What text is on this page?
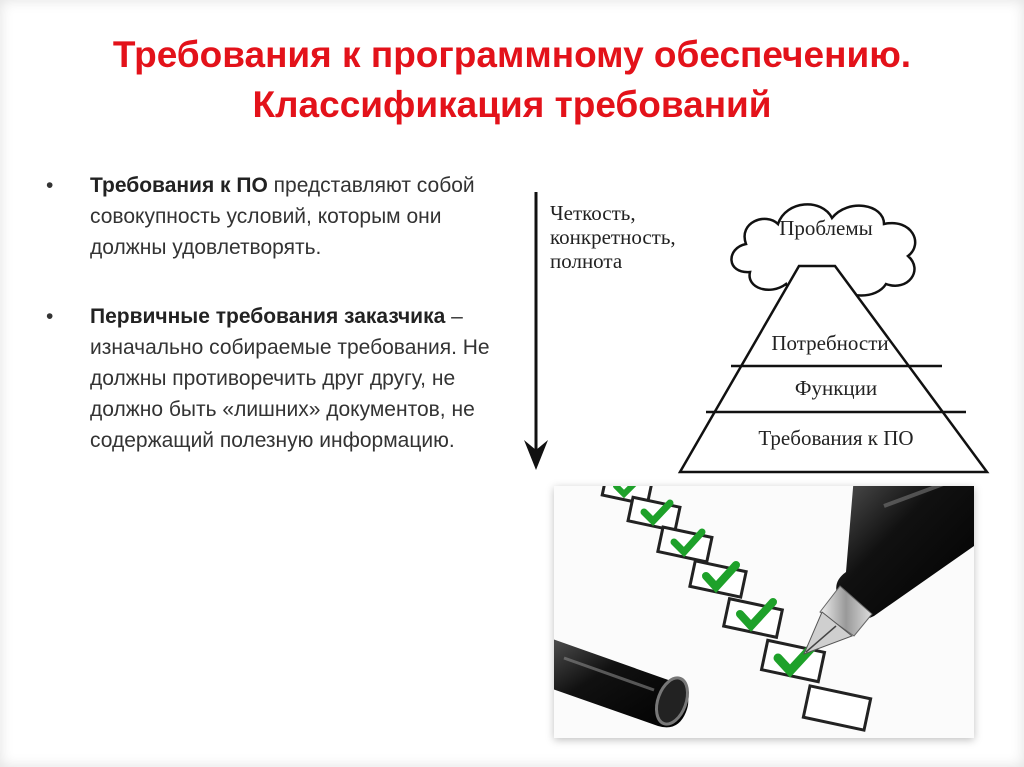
Требования к программному обеспечению.
Классификация требований
• Требования к ПО представляют собой совокупность условий, которым они должны удовлетворять.
• Первичные требования заказчика – изначально собираемые требования. Не должны противоречить друг другу, не должно быть «лишних» документов, не содержащий полезную информацию.
Четкость,
конкретность,
полнота
Проблемы
Потребности
Функции
Требования к ПО
